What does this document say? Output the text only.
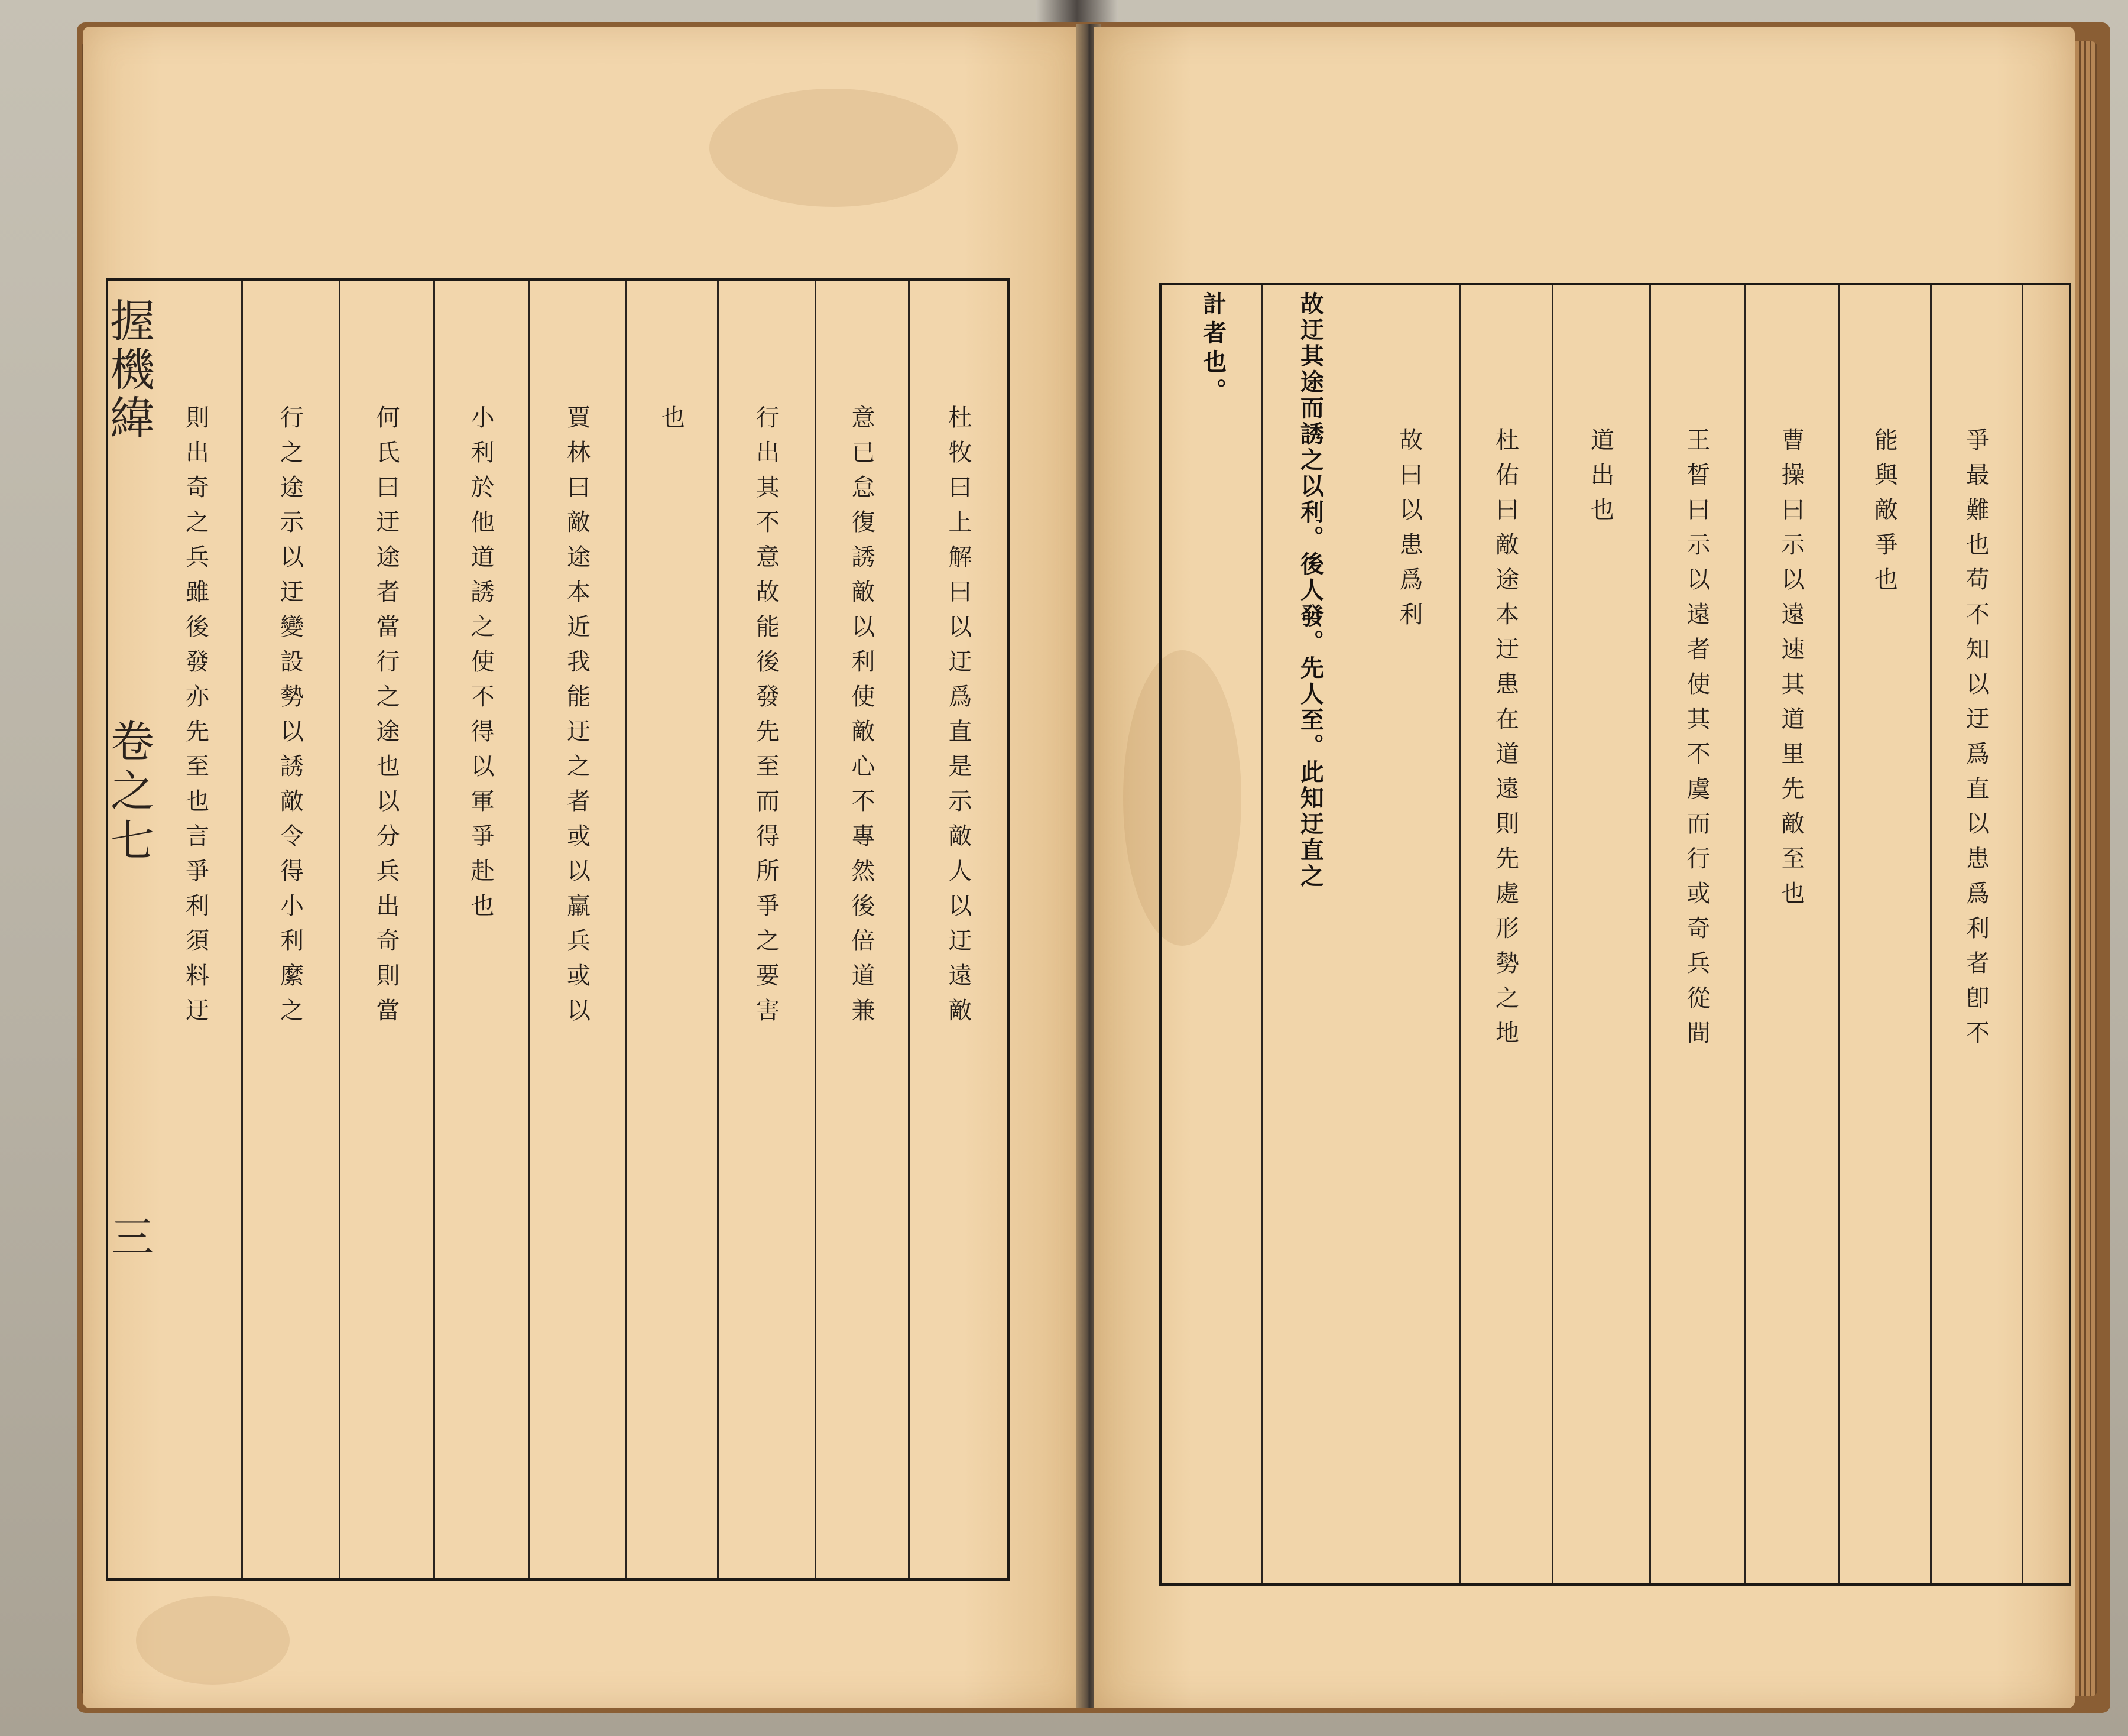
握機緯
卷之七
三
杜牧曰上解曰以迂爲直是示敵人以迂遠敵
意已怠復誘敵以利使敵心不專然後倍道兼
行出其不意故能後發先至而得所爭之要害
也
賈林曰敵途本近我能迂之者或以羸兵或以
小利於他道誘之使不得以軍爭赴也
何氏曰迂途者當行之途也以分兵出奇則當
行之途示以迂變設勢以誘敵令得小利縻之
則出奇之兵雖後發亦先至也言爭利須料迂	爭最難也苟不知以迂爲直以患爲利者卽不
能與敵爭也
曹操曰示以遠速其道里先敵至也
王晳曰示以遠者使其不虞而行或奇兵從間
道出也
杜佑曰敵途本迂患在道遠則先處形勢之地
故曰以患爲利
故迂其途而誘之以利。後人發。先人至。此知迂直之
計者也。
